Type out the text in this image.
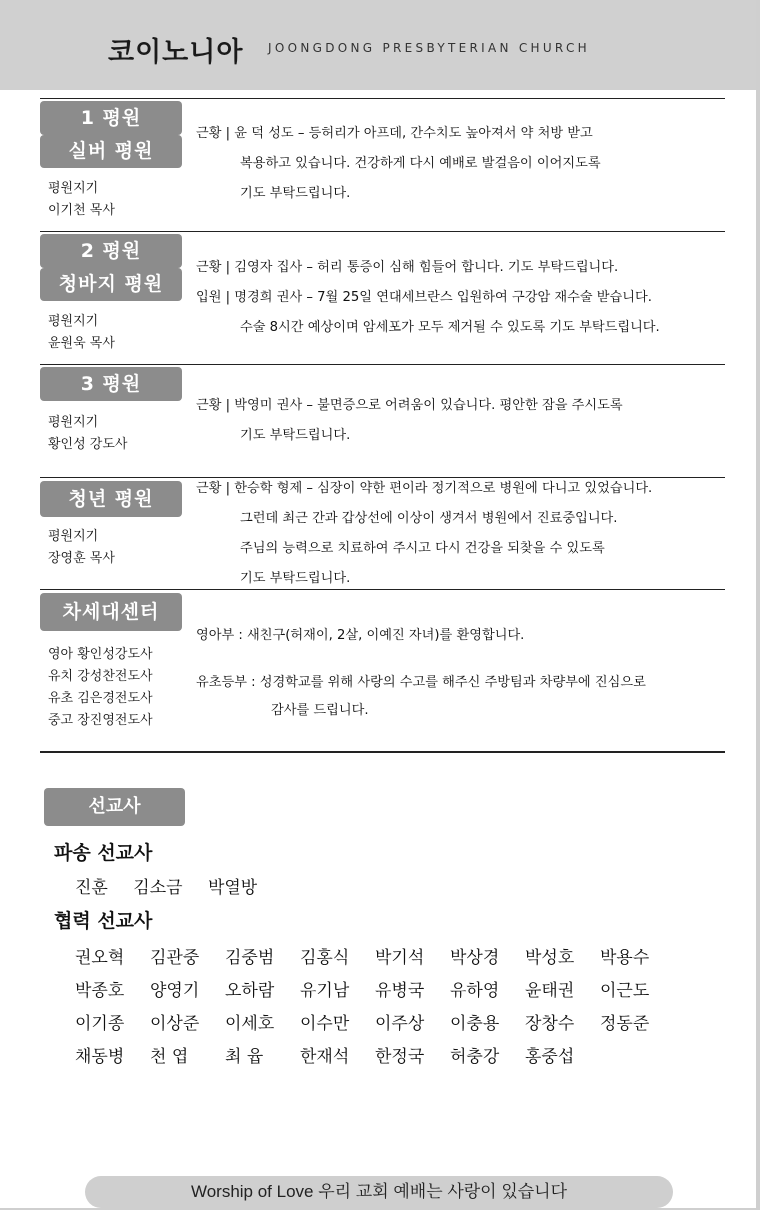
코이노니아 JOONGDONG PRESBYTERIAN CHURCH
1 평원
실버 평원
평원지기
이기천 목사
근황 | 윤 덕 성도 – 등허리가 아프데, 간수치도 높아져서 약 처방 받고
복용하고 있습니다. 건강하게 다시 예배로 발걸음이 이어지도록
기도 부탁드립니다.
2 평원
청바지 평원
평원지기
윤원욱 목사
근황 | 김영자 집사 – 허리 통증이 심해 힘들어 합니다. 기도 부탁드립니다.
입원 | 명경희 권사 – 7월 25일 연대세브란스 입원하여 구강암 재수술 받습니다.
수술 8시간 예상이며 암세포가 모두 제거될 수 있도록 기도 부탁드립니다.
3 평원
평원지기
황인성 강도사
근황 | 박영미 권사 – 불면증으로 어려움이 있습니다. 평안한 잠을 주시도록
기도 부탁드립니다.
청년 평원
평원지기
장영훈 목사
근황 | 한승학 형제 – 심장이 약한 편이라 정기적으로 병원에 다니고 있었습니다.
그런데 최근 간과 갑상선에 이상이 생겨서 병원에서 진료중입니다.
주님의 능력으로 치료하여 주시고 다시 건강을 되찾을 수 있도록
기도 부탁드립니다.
차세대센터
영아 황인성강도사
유치 강성찬전도사
유초 김은경전도사
중고 장진영전도사
영아부 : 새친구(허재이, 2살, 이예진 자녀)를 환영합니다.
유초등부 : 성경학교를 위해 사랑의 수고를 해주신 주방팀과 차량부에 진심으로
감사를 드립니다.
선교사
파송 선교사
진훈 김소금 박열방
협력 선교사
권오혁 김관중 김중범 김홍식 박기석 박상경 박성호 박용수
박종호 양영기 오하람 유기남 유병국 유하영 윤태권 이근도
이기종 이상준 이세호 이수만 이주상 이충용 장창수 정동준
채동병 천 엽 최 윱 한재석 한정국 허충강 홍중섭
Worship of Love 우리 교회 예배는 사랑이 있습니다
